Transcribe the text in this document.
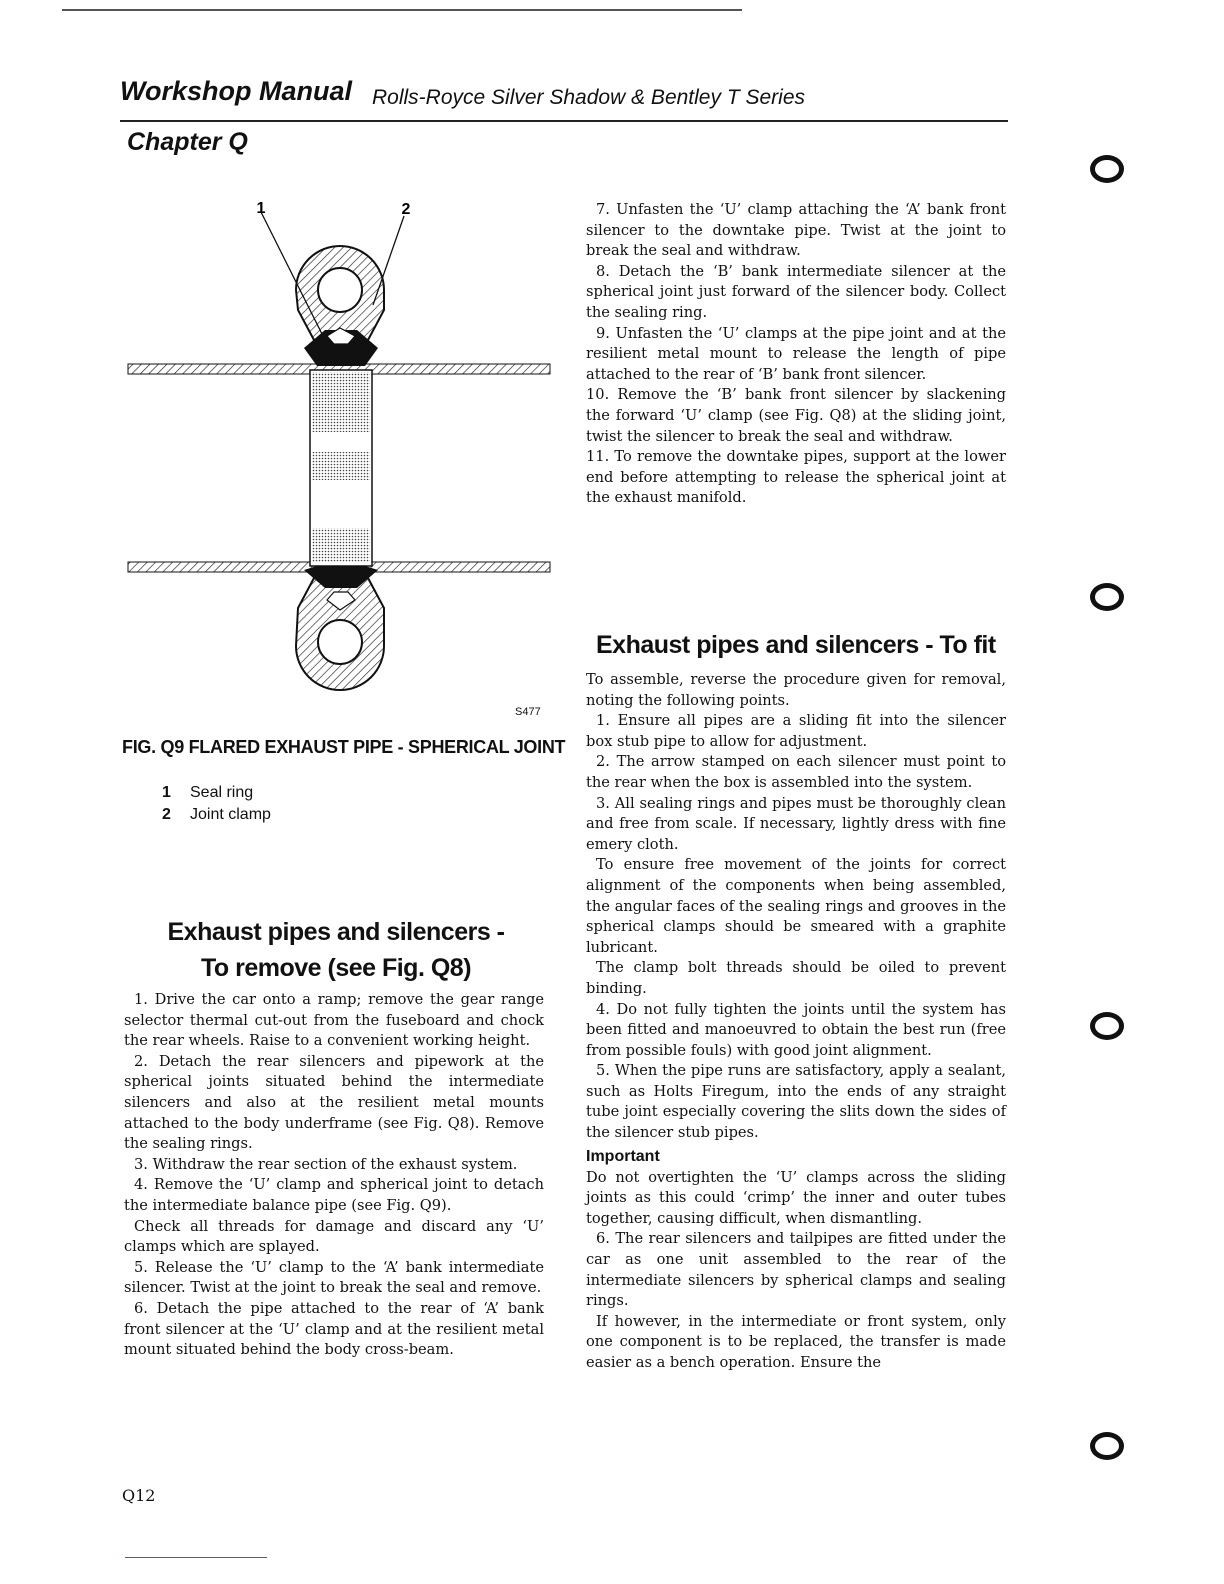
Workshop Manual Rolls-Royce Silver Shadow & Bentley T Series
Chapter Q
1	2
S477
FIG. Q9 FLARED EXHAUST PIPE - SPHERICAL JOINT
1	Seal ring
2	Joint clamp
Exhaust pipes and silencers -
To remove (see Fig. Q8)

1. Drive the car onto a ramp; remove the gear range selector thermal cut-out from the fuseboard and chock the rear wheels. Raise to a convenient working height.

2. Detach the rear silencers and pipework at the spherical joints situated behind the intermediate silencers and also at the resilient metal mounts attached to the body underframe (see Fig. Q8). Remove the sealing rings.

3. Withdraw the rear section of the exhaust system.

4. Remove the ‘U’ clamp and spherical joint to detach the intermediate balance pipe (see Fig. Q9).

Check all threads for damage and discard any ‘U’ clamps which are splayed.

5. Release the ‘U’ clamp to the ‘A’ bank intermediate silencer. Twist at the joint to break the seal and remove.

6. Detach the pipe attached to the rear of ‘A’ bank front silencer at the ‘U’ clamp and at the resilient metal mount situated behind the body cross-beam.

7. Unfasten the ‘U’ clamp attaching the ‘A’ bank front silencer to the downtake pipe. Twist at the joint to break the seal and withdraw.

8. Detach the ‘B’ bank intermediate silencer at the spherical joint just forward of the silencer body. Collect the sealing ring.

9. Unfasten the ‘U’ clamps at the pipe joint and at the resilient metal mount to release the length of pipe attached to the rear of ‘B’ bank front silencer.

10. Remove the ‘B’ bank front silencer by slackening the forward ‘U’ clamp (see Fig. Q8) at the sliding joint, twist the silencer to break the seal and withdraw.

11. To remove the downtake pipes, support at the lower end before attempting to release the spherical joint at the exhaust manifold.

Exhaust pipes and silencers - To fit

To assemble, reverse the procedure given for removal, noting the following points.

1. Ensure all pipes are a sliding fit into the silencer box stub pipe to allow for adjustment.

2. The arrow stamped on each silencer must point to the rear when the box is assembled into the system.

3. All sealing rings and pipes must be thoroughly clean and free from scale. If necessary, lightly dress with fine emery cloth.

To ensure free movement of the joints for correct alignment of the components when being assembled, the angular faces of the sealing rings and grooves in the spherical clamps should be smeared with a graphite lubricant.

The clamp bolt threads should be oiled to prevent binding.

4. Do not fully tighten the joints until the system has been fitted and manoeuvred to obtain the best run (free from possible fouls) with good joint alignment.

5. When the pipe runs are satisfactory, apply a sealant, such as Holts Firegum, into the ends of any straight tube joint especially covering the slits down the sides of the silencer stub pipes.

Important

Do not overtighten the ‘U’ clamps across the sliding joints as this could ‘crimp’ the inner and outer tubes together, causing difficult, when dismantling.

6. The rear silencers and tailpipes are fitted under the car as one unit assembled to the rear of the intermediate silencers by spherical clamps and sealing rings.

If however, in the intermediate or front system, only one component is to be replaced, the transfer is made easier as a bench operation. Ensure the

Q12
